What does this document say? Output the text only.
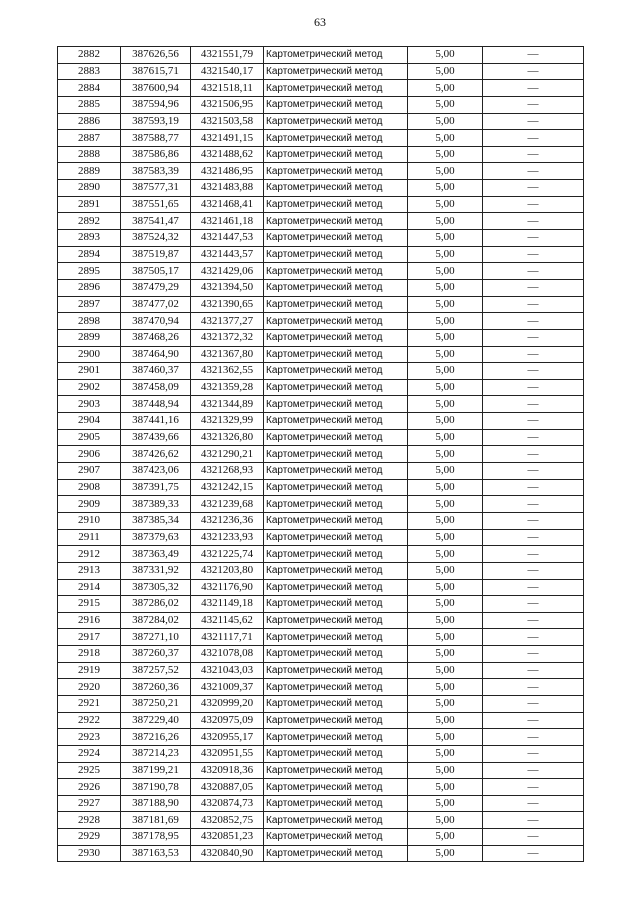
63
2882	387626,56	4321551,79	Картометрический метод	5,00	—
2883	387615,71	4321540,17	Картометрический метод	5,00	—
2884	387600,94	4321518,11	Картометрический метод	5,00	—
2885	387594,96	4321506,95	Картометрический метод	5,00	—
2886	387593,19	4321503,58	Картометрический метод	5,00	—
2887	387588,77	4321491,15	Картометрический метод	5,00	—
2888	387586,86	4321488,62	Картометрический метод	5,00	—
2889	387583,39	4321486,95	Картометрический метод	5,00	—
2890	387577,31	4321483,88	Картометрический метод	5,00	—
2891	387551,65	4321468,41	Картометрический метод	5,00	—
2892	387541,47	4321461,18	Картометрический метод	5,00	—
2893	387524,32	4321447,53	Картометрический метод	5,00	—
2894	387519,87	4321443,57	Картометрический метод	5,00	—
2895	387505,17	4321429,06	Картометрический метод	5,00	—
2896	387479,29	4321394,50	Картометрический метод	5,00	—
2897	387477,02	4321390,65	Картометрический метод	5,00	—
2898	387470,94	4321377,27	Картометрический метод	5,00	—
2899	387468,26	4321372,32	Картометрический метод	5,00	—
2900	387464,90	4321367,80	Картометрический метод	5,00	—
2901	387460,37	4321362,55	Картометрический метод	5,00	—
2902	387458,09	4321359,28	Картометрический метод	5,00	—
2903	387448,94	4321344,89	Картометрический метод	5,00	—
2904	387441,16	4321329,99	Картометрический метод	5,00	—
2905	387439,66	4321326,80	Картометрический метод	5,00	—
2906	387426,62	4321290,21	Картометрический метод	5,00	—
2907	387423,06	4321268,93	Картометрический метод	5,00	—
2908	387391,75	4321242,15	Картометрический метод	5,00	—
2909	387389,33	4321239,68	Картометрический метод	5,00	—
2910	387385,34	4321236,36	Картометрический метод	5,00	—
2911	387379,63	4321233,93	Картометрический метод	5,00	—
2912	387363,49	4321225,74	Картометрический метод	5,00	—
2913	387331,92	4321203,80	Картометрический метод	5,00	—
2914	387305,32	4321176,90	Картометрический метод	5,00	—
2915	387286,02	4321149,18	Картометрический метод	5,00	—
2916	387284,02	4321145,62	Картометрический метод	5,00	—
2917	387271,10	4321117,71	Картометрический метод	5,00	—
2918	387260,37	4321078,08	Картометрический метод	5,00	—
2919	387257,52	4321043,03	Картометрический метод	5,00	—
2920	387260,36	4321009,37	Картометрический метод	5,00	—
2921	387250,21	4320999,20	Картометрический метод	5,00	—
2922	387229,40	4320975,09	Картометрический метод	5,00	—
2923	387216,26	4320955,17	Картометрический метод	5,00	—
2924	387214,23	4320951,55	Картометрический метод	5,00	—
2925	387199,21	4320918,36	Картометрический метод	5,00	—
2926	387190,78	4320887,05	Картометрический метод	5,00	—
2927	387188,90	4320874,73	Картометрический метод	5,00	—
2928	387181,69	4320852,75	Картометрический метод	5,00	—
2929	387178,95	4320851,23	Картометрический метод	5,00	—
2930	387163,53	4320840,90	Картометрический метод	5,00	—
